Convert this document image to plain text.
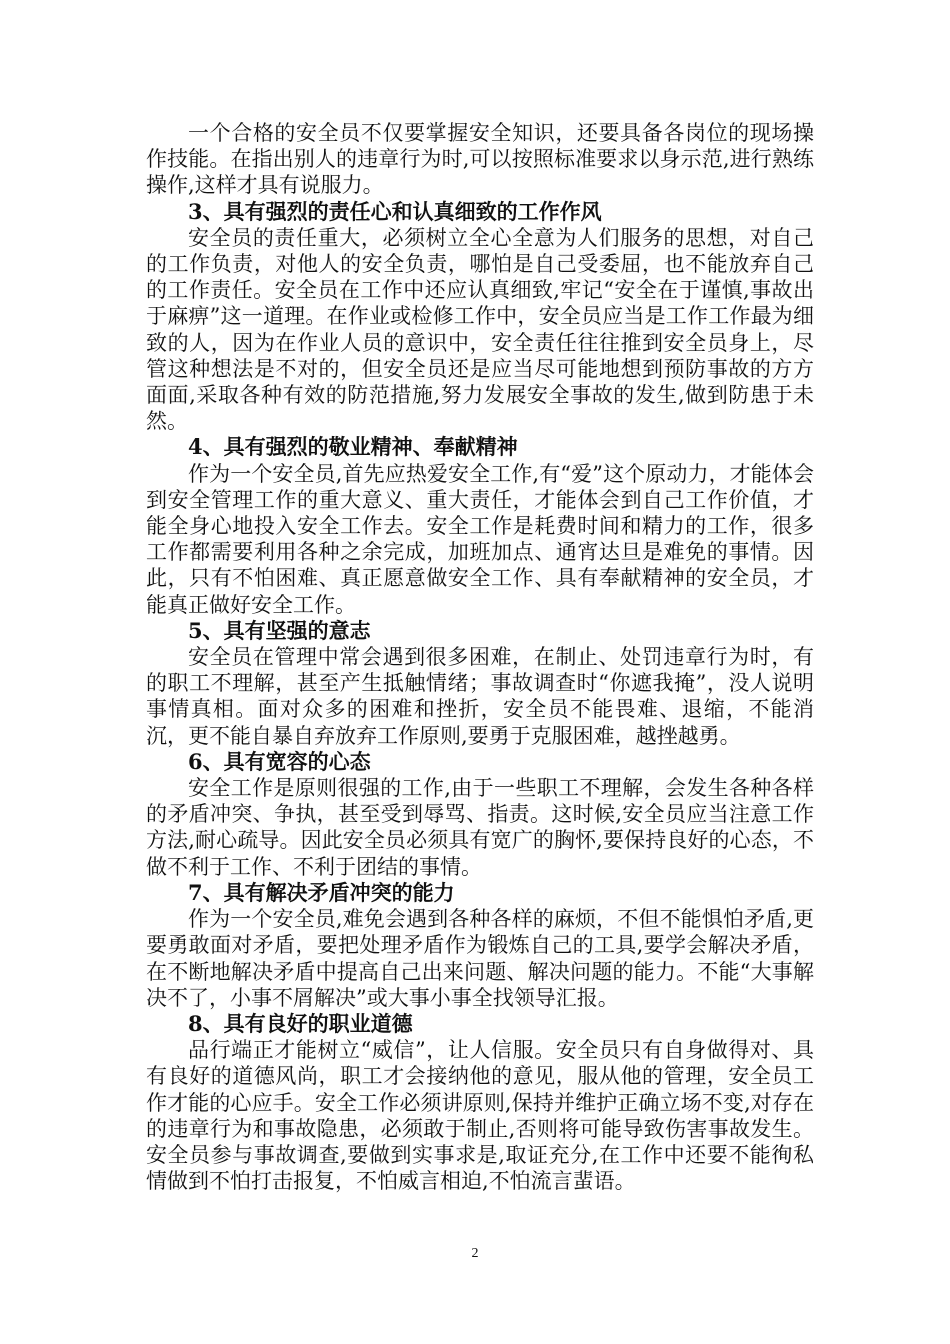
一个合格的安全员不仅要掌握安全知识，还要具备各岗位的现场操作技能。在指出别人的违章行为时,可以按照标准要求以身示范,进行熟练操作,这样才具有说服力。

3、具有强烈的责任心和认真细致的工作作风

安全员的责任重大，必须树立全心全意为人们服务的思想，对自己的工作负责，对他人的安全负责，哪怕是自己受委屈，也不能放弃自己的工作责任。安全员在工作中还应认真细致,牢记“安全在于谨慎,事故出于麻痹”这一道理。在作业或检修工作中，安全员应当是工作工作最为细致的人，因为在作业人员的意识中，安全责任往往推到安全员身上，尽管这种想法是不对的，但安全员还是应当尽可能地想到预防事故的方方面面,采取各种有效的防范措施,努力发展安全事故的发生,做到防患于未然。

4、具有强烈的敬业精神、奉献精神

作为一个安全员,首先应热爱安全工作,有“爱”这个原动力，才能体会到安全管理工作的重大意义、重大责任，才能体会到自己工作价值，才能全身心地投入安全工作去。安全工作是耗费时间和精力的工作，很多工作都需要利用各种之余完成，加班加点、通宵达旦是难免的事情。因此，只有不怕困难、真正愿意做安全工作、具有奉献精神的安全员，才能真正做好安全工作。

5、具有坚强的意志

安全员在管理中常会遇到很多困难，在制止、处罚违章行为时，有的职工不理解，甚至产生抵触情绪；事故调查时“你遮我掩”，没人说明事情真相。面对众多的困难和挫折，安全员不能畏难、退缩，不能消沉，更不能自暴自弃放弃工作原则,要勇于克服困难，越挫越勇。

6、具有宽容的心态

安全工作是原则很强的工作,由于一些职工不理解，会发生各种各样的矛盾冲突、争执，甚至受到辱骂、指责。这时候,安全员应当注意工作方法,耐心疏导。因此安全员必须具有宽广的胸怀,要保持良好的心态，不做不利于工作、不利于团结的事情。

7、具有解决矛盾冲突的能力

作为一个安全员,难免会遇到各种各样的麻烦，不但不能惧怕矛盾,更要勇敢面对矛盾，要把处理矛盾作为锻炼自己的工具,要学会解决矛盾，在不断地解决矛盾中提高自己出来问题、解决问题的能力。不能“大事解决不了，小事不屑解决”或大事小事全找领导汇报。

8、具有良好的职业道德

品行端正才能树立“威信”，让人信服。安全员只有自身做得对、具有良好的道德风尚，职工才会接纳他的意见，服从他的管理，安全员工作才能的心应手。安全工作必须讲原则,保持并维护正确立场不变,对存在的违章行为和事故隐患，必须敢于制止,否则将可能导致伤害事故发生。安全员参与事故调查,要做到实事求是,取证充分,在工作中还要不能徇私情做到不怕打击报复，不怕威言相迫,不怕流言蜚语。

2
